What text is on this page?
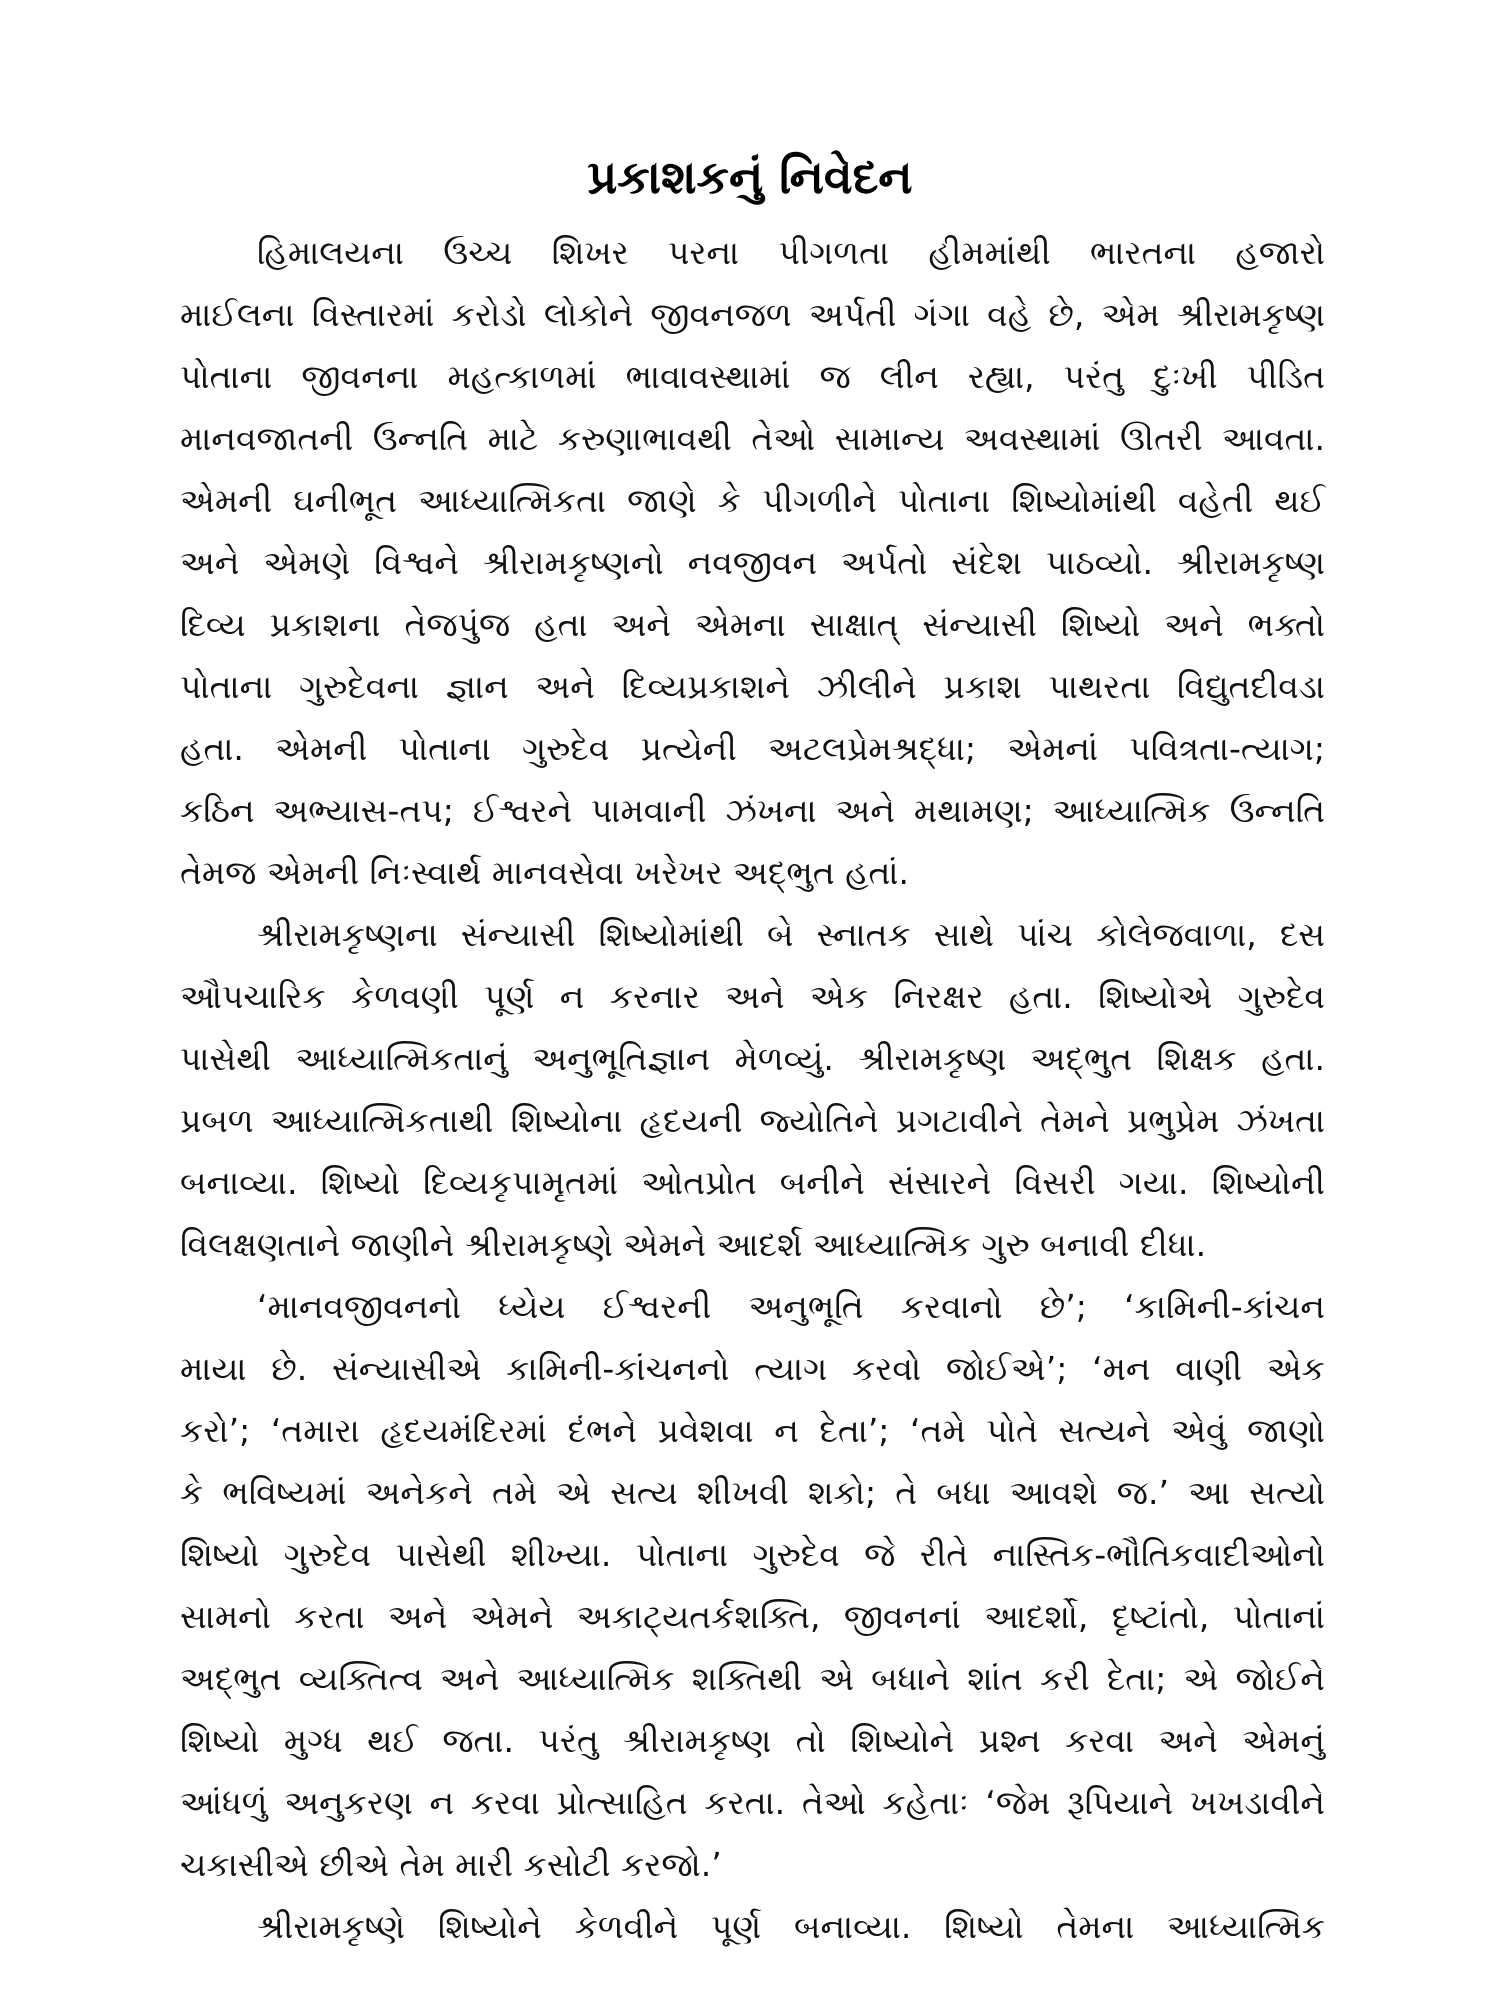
પ્રકાશકનું નિવેદન
હિમાલયના ઉચ્ચ શિખર પરના પીગળતા હીમમાંથી ભારતના હજારો
માઈલના વિસ્તારમાં કરોડો લોકોને જીવનજળ અર્પતી ગંગા વહે છે, એમ શ્રીરામકૃષ્ણ
પોતાના જીવનના મહત્કાળમાં ભાવાવસ્થામાં જ લીન રહ્યા, પરંતુ દુઃખી પીડિત
માનવજાતની ઉન્નતિ માટે કરુણાભાવથી તેઓ સામાન્ય અવસ્થામાં ઊતરી આવતા.
એમની ઘનીભૂત આધ્યાત્મિકતા જાણે કે પીગળીને પોતાના શિષ્યોમાંથી વહેતી થઈ
અને એમણે વિશ્વને શ્રીરામકૃષ્ણનો નવજીવન અર્પતો સંદેશ પાઠવ્યો. શ્રીરામકૃષ્ણ
દિવ્ય પ્રકાશના તેજપુંજ હતા અને એમના સાક્ષાત્ સંન્યાસી શિષ્યો અને ભક્તો
પોતાના ગુરુદેવના જ્ઞાન અને દિવ્યપ્રકાશને ઝીલીને પ્રકાશ પાથરતા વિદ્યુતદીવડા
હતા. એમની પોતાના ગુરુદેવ પ્રત્યેની અટલપ્રેમશ્રદ્ધા; એમનાં પવિત્રતા-ત્યાગ;
કઠિન અભ્યાસ-તપ; ઈશ્વરને પામવાની ઝંખના અને મથામણ; આધ્યાત્મિક ઉન્નતિ
તેમજ એમની નિઃસ્વાર્થ માનવસેવા ખરેખર અદ્ભુત હતાં.
શ્રીરામકૃષ્ણના સંન્યાસી શિષ્યોમાંથી બે સ્નાતક સાથે પાંચ કોલેજવાળા, દસ
ઔપચારિક કેળવણી પૂર્ણ ન કરનાર અને એક નિરક્ષર હતા. શિષ્યોએ ગુરુદેવ
પાસેથી આધ્યાત્મિકતાનું અનુભૂતિજ્ઞાન મેળવ્યું. શ્રીરામકૃષ્ણ અદ્ભુત શિક્ષક હતા.
પ્રબળ આધ્યાત્મિકતાથી શિષ્યોના હૃદયની જ્યોતિને પ્રગટાવીને તેમને પ્રભુપ્રેમ ઝંખતા
બનાવ્યા. શિષ્યો દિવ્યકૃપામૃતમાં ઓતપ્રોત બનીને સંસારને વિસરી ગયા. શિષ્યોની
વિલક્ષણતાને જાણીને શ્રીરામકૃષ્ણે એમને આદર્શ આધ્યાત્મિક ગુરુ બનાવી દીધા.
‘માનવજીવનનો ધ્યેય ઈશ્વરની અનુભૂતિ કરવાનો છે’; ‘કામિની-કાંચન
માયા છે. સંન્યાસીએ કામિની-કાંચનનો ત્યાગ કરવો જોઈએ’; ‘મન વાણી એક
કરો’; ‘તમારા હૃદયમંદિરમાં દંભને પ્રવેશવા ન દેતા’; ‘તમે પોતે સત્યને એવું જાણો
કે ભવિષ્યમાં અનેકને તમે એ સત્ય શીખવી શકો; તે બધા આવશે જ.’ આ સત્યો
શિષ્યો ગુરુદેવ પાસેથી શીખ્યા. પોતાના ગુરુદેવ જે રીતે નાસ્તિક-ભૌતિકવાદીઓનો
સામનો કરતા અને એમને અકાટ્યતર્કશક્તિ, જીવનનાં આદર્શો, દૃષ્ટાંતો, પોતાનાં
અદ્ભુત વ્યક્તિત્વ અને આધ્યાત્મિક શક્તિથી એ બધાને શાંત કરી દેતા; એ જોઈને
શિષ્યો મુગ્ધ થઈ જતા. પરંતુ શ્રીરામકૃષ્ણ તો શિષ્યોને પ્રશ્ન કરવા અને એમનું
આંધળું અનુકરણ ન કરવા પ્રોત્સાહિત કરતા. તેઓ કહેતાઃ ‘જેમ રૂપિયાને ખખડાવીને
ચકાસીએ છીએ તેમ મારી કસોટી કરજો.’
શ્રીરામકૃષ્ણે શિષ્યોને કેળવીને પૂર્ણ બનાવ્યા. શિષ્યો તેમના આધ્યાત્મિક
